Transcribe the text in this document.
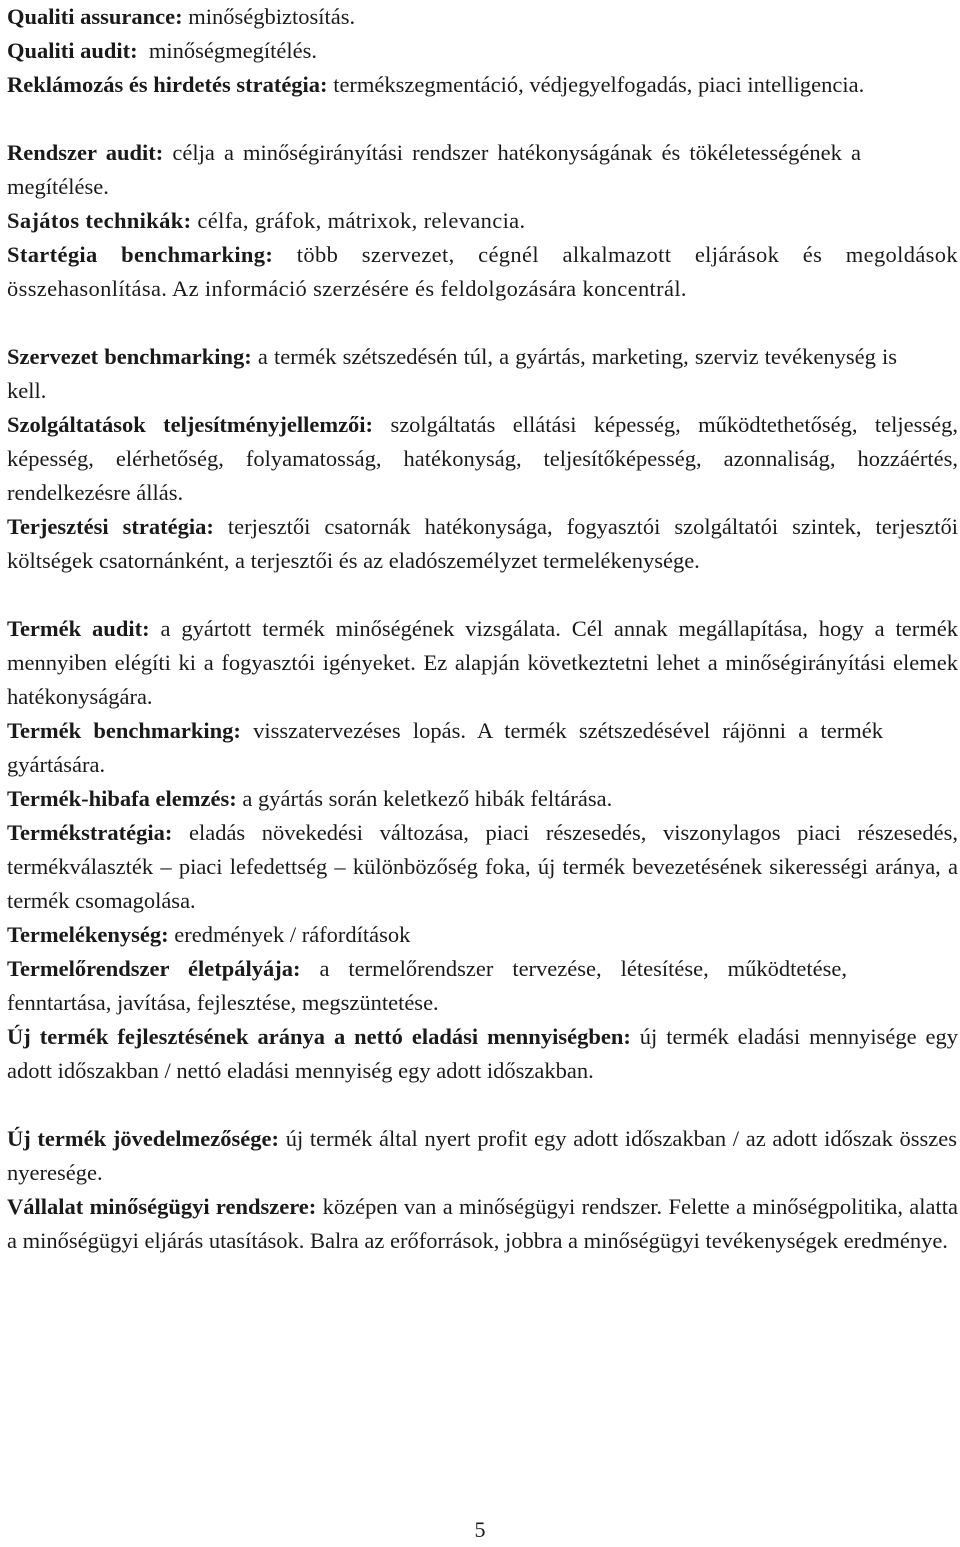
Qualiti assurance: minőségbiztosítás.

Qualiti audit:  minőségmegítélés.

Reklámozás és hirdetés stratégia: termékszegmentáció, védjegyelfogadás, piaci intelligencia.

Rendszer audit: célja a minőségirányítási rendszer hatékonyságának és tökéletességének a megítélése.

Sajátos technikák: célfa, gráfok, mátrixok, relevancia.

Startégia benchmarking: több szervezet, cégnél alkalmazott eljárások és megoldások összehasonlítása. Az információ szerzésére és feldolgozására koncentrál.

Szervezet benchmarking: a termék szétszedésén túl, a gyártás, marketing, szerviz tevékenység is kell.

Szolgáltatások teljesítményjellemzői: szolgáltatás ellátási képesség, működtethetőség, teljesség, képesség, elérhetőség, folyamatosság, hatékonyság, teljesítőképesség, azonnaliság, hozzáértés, rendelkezésre állás.

Terjesztési stratégia: terjesztői csatornák hatékonysága, fogyasztói szolgáltatói szintek, terjesztői költségek csatornánként, a terjesztői és az eladószemélyzet termelékenysége.

Termék audit: a gyártott termék minőségének vizsgálata. Cél annak megállapítása, hogy a termék mennyiben elégíti ki a fogyasztói igényeket. Ez alapján következtetni lehet a minőségirányítási elemek hatékonyságára.

Termék benchmarking: visszatervezéses lopás. A termék szétszedésével rájönni a termék gyártására.

Termék-hibafa elemzés: a gyártás során keletkező hibák feltárása.

Termékstratégia: eladás növekedési változása, piaci részesedés, viszonylagos piaci részesedés, termékválaszték – piaci lefedettség – különbözőség foka, új termék bevezetésének sikerességi aránya, a termék csomagolása.

Termelékenység: eredmények / ráfordítások

Termelőrendszer életpályája: a termelőrendszer tervezése, létesítése, működtetése, fenntartása, javítása, fejlesztése, megszüntetése.

Új termék fejlesztésének aránya a nettó eladási mennyiségben: új termék eladási mennyisége egy adott időszakban / nettó eladási mennyiség egy adott időszakban.

Új termék jövedelmezősége: új termék által nyert profit egy adott időszakban / az adott időszak összes nyeresége.

Vállalat minőségügyi rendszere: középen van a minőségügyi rendszer. Felette a minőségpolitika, alatta a minőségügyi eljárás utasítások. Balra az erőforrások, jobbra a minőségügyi tevékenységek eredménye.

5
